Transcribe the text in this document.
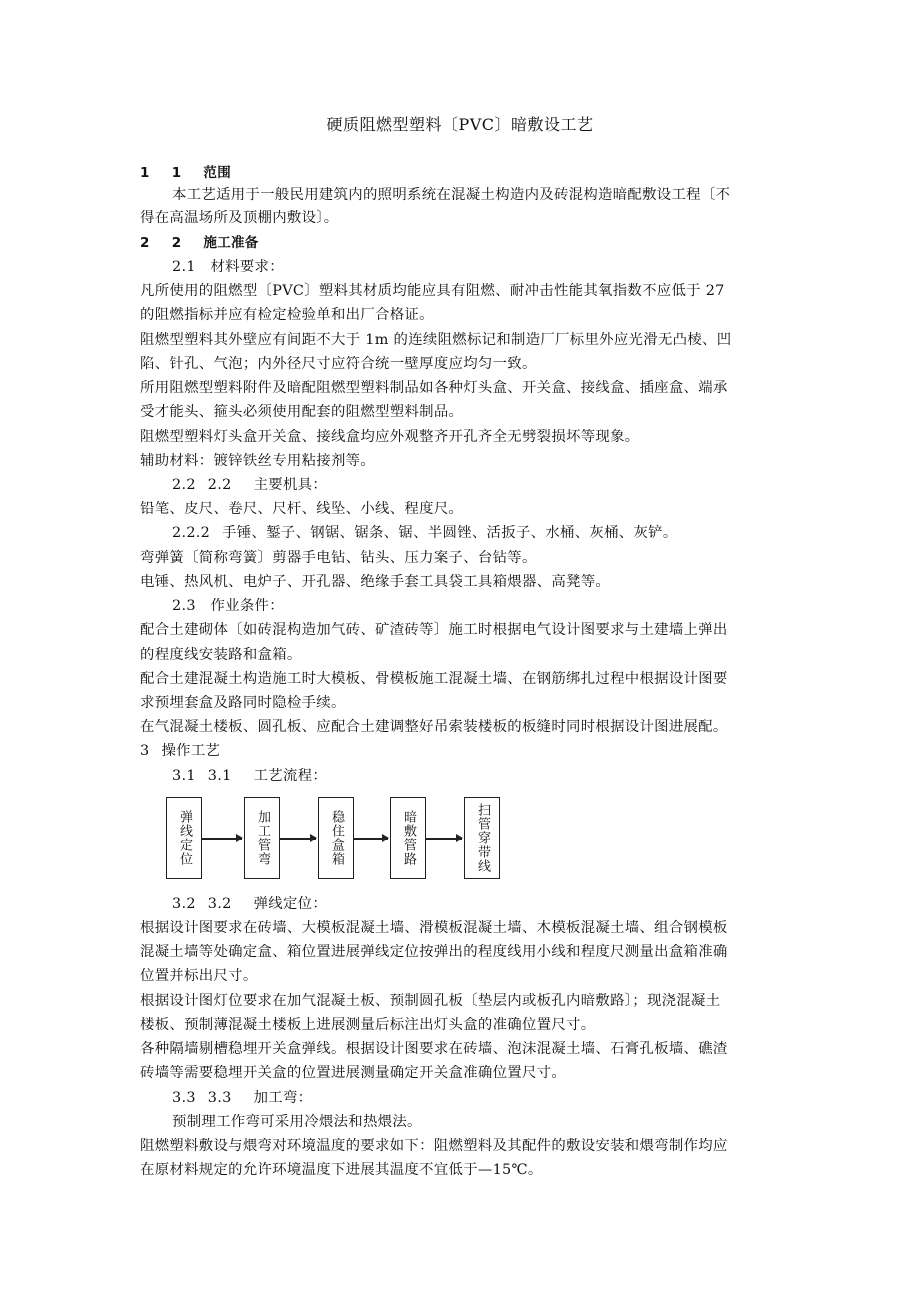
硬质阻燃型塑料〔PVC〕暗敷设工艺
1 1 范围
本工艺适用于一般民用建筑内的照明系统在混凝土构造内及砖混构造暗配敷设工程〔不
得在高温场所及顶棚内敷设〕。
2 2 施工准备
2.1　材料要求：
凡所使用的阻燃型〔PVC〕塑料其材质均能应具有阻燃、耐冲击性能其氧指数不应低于 27
的阻燃指标并应有检定检验单和出厂合格证。
阻燃型塑料其外壁应有间距不大于 1m 的连续阻燃标记和制造厂厂标里外应光滑无凸棱、凹
陷、针孔、气泡；内外径尺寸应符合统一壁厚度应均匀一致。
所用阻燃型塑料附件及暗配阻燃型塑料制品如各种灯头盒、开关盒、接线盒、插座盒、端承
受才能头、箍头必须使用配套的阻燃型塑料制品。
阻燃型塑料灯头盒开关盒、接线盒均应外观整齐开孔齐全无劈裂损坏等现象。
辅助材料：镀锌铁丝专用粘接剂等。
2.2 2.2 主要机具：
铅笔、皮尺、卷尺、尺杆、线坠、小线、程度尺。
2.2.2 手锤、錾子、钢锯、锯条、锯、半圆锉、活扳子、水桶、灰桶、灰铲。
弯弹簧〔简称弯簧〕剪器手电钻、钻头、压力案子、台钻等。
电锤、热风机、电炉子、开孔器、绝缘手套工具袋工具箱煨器、高凳等。
2.3　作业条件：
配合土建砌体〔如砖混构造加气砖、矿渣砖等〕施工时根据电气设计图要求与土建墙上弹出
的程度线安装路和盒箱。
配合土建混凝土构造施工时大模板、骨模板施工混凝土墙、在钢筋绑扎过程中根据设计图要
求预埋套盒及路同时隐检手续。
在气混凝土楼板、圆孔板、应配合土建调整好吊索装楼板的板缝时同时根据设计图进展配。
3 操作工艺
3.1 3.1 工艺流程：
弹线定位	加工管弯	稳住盒箱	暗敷管路	扫管穿带线
3.2 3.2 弹线定位：
根据设计图要求在砖墙、大模板混凝土墙、滑模板混凝土墙、木模板混凝土墙、组合钢模板
混凝土墙等处确定盒、箱位置进展弹线定位按弹出的程度线用小线和程度尺测量出盒箱准确
位置并标出尺寸。
根据设计图灯位要求在加气混凝土板、预制圆孔板〔垫层内或板孔内暗敷路〕；现浇混凝土
楼板、预制薄混凝土楼板上进展测量后标注出灯头盒的准确位置尺寸。
各种隔墙剔槽稳埋开关盒弹线。根据设计图要求在砖墙、泡沫混凝土墙、石膏孔板墙、礁渣
砖墙等需要稳埋开关盒的位置进展测量确定开关盒准确位置尺寸。
3.3 3.3 加工弯：
预制理工作弯可采用冷煨法和热煨法。
阻燃塑料敷设与煨弯对环境温度的要求如下：阻燃塑料及其配件的敷设安装和煨弯制作均应
在原材料规定的允许环境温度下进展其温度不宜低于—15℃。
